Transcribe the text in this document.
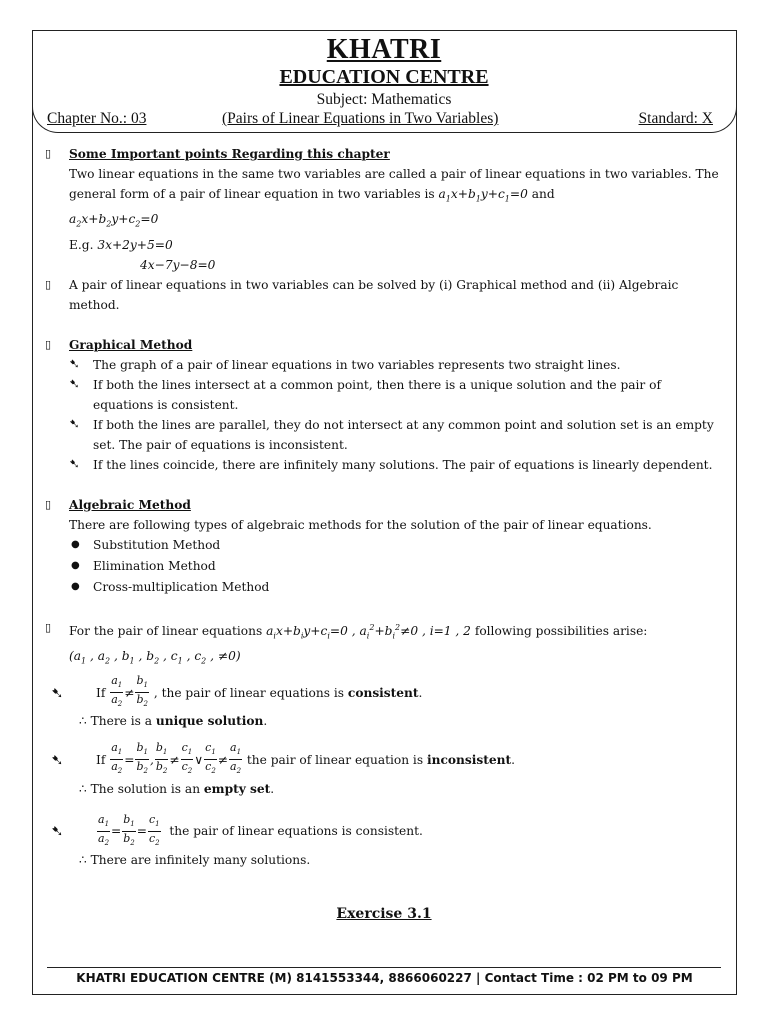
KHATRI
EDUCATION CENTRE
Subject: Mathematics
Chapter No.: 03	(Pairs of Linear Equations in Two Variables)	Standard: X
▯ Some Important points Regarding this chapter
Two linear equations in the same two variables are called a pair of linear equations in two variables. The general form of a pair of linear equation in two variables is $a_1x+b_1y+c_1=0$ and
$a_2x+b_2y+c_2=0$
E.g. 3x+2y+5=0
4x−7y−8=0
▯ A pair of linear equations in two variables can be solved by (i) Graphical method and (ii) Algebraic method.
▯ Graphical Method
➷ The graph of a pair of linear equations in two variables represents two straight lines.
➷ If both the lines intersect at a common point, then there is a unique solution and the pair of equations is consistent.
➷ If both the lines are parallel, they do not intersect at any common point and solution set is an empty set. The pair of equations is inconsistent.
➷ If the lines coincide, there are infinitely many solutions. The pair of equations is linearly dependent.
▯ Algebraic Method
There are following types of algebraic methods for the solution of the pair of linear equations.
● Substitution Method
● Elimination Method
● Cross-multiplication Method
▯ For the pair of linear equations $a_ix+b_iy+c_i=0$ , $a_i^2+b_i^2\ne 0$ , i=1 , 2 following possibilities arise:
($a_1$ , $a_2$ , $b_1$ , $b_2$ , $c_1$ , $c_2$ , ≠0)
➷	If
$\frac{a_1}{a_2} \ne \frac{b_1}{b_2}$ , the pair of linear equations is consistent.
∴ There is a unique solution.
➷	If
$\frac{a_1}{a_2} = \frac{b_1}{b_2}$ , $\frac{b_1}{b_2} \ne \frac{c_1}{c_2}$ ∨ $\frac{c_1}{c_2} \ne \frac{a_1}{a_2}$ the pair of linear equation is inconsistent.
∴ The solution is an empty set.
➷	$\frac{a_1}{a_2} = \frac{b_1}{b_2} = \frac{c_1}{c_2}$ the pair of linear equations is consistent.
∴ There are infinitely many solutions.
Exercise 3.1
KHATRI EDUCATION CENTRE (M) 8141553344, 8866060227 | Contact Time : 02 PM to 09 PM
